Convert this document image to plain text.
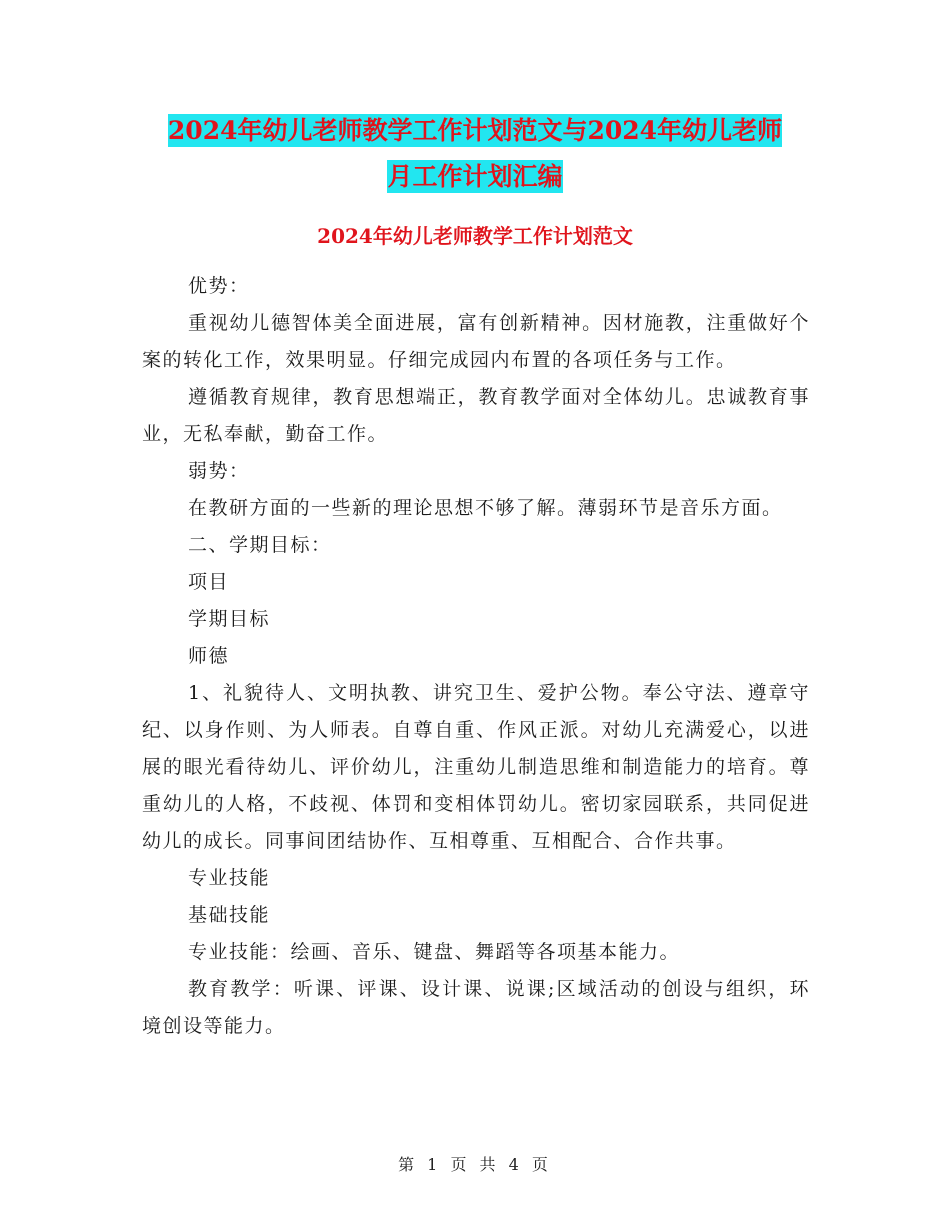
2024年幼儿老师教学工作计划范文与2024年幼儿老师
月工作计划汇编
2024年幼儿老师教学工作计划范文

优势：

重视幼儿德智体美全面进展，富有创新精神。因材施教，注重做好个案的转化工作，效果明显。仔细完成园内布置的各项任务与工作。

遵循教育规律，教育思想端正，教育教学面对全体幼儿。忠诚教育事业，无私奉献，勤奋工作。

弱势：

在教研方面的一些新的理论思想不够了解。薄弱环节是音乐方面。

二、学期目标：

项目

学期目标

师德

1、礼貌待人、文明执教、讲究卫生、爱护公物。奉公守法、遵章守纪、以身作则、为人师表。自尊自重、作风正派。对幼儿充满爱心，以进展的眼光看待幼儿、评价幼儿，注重幼儿制造思维和制造能力的培育。尊重幼儿的人格，不歧视、体罚和变相体罚幼儿。密切家园联系，共同促进幼儿的成长。同事间团结协作、互相尊重、互相配合、合作共事。

专业技能

基础技能

专业技能：绘画、音乐、键盘、舞蹈等各项基本能力。

教育教学：听课、评课、设计课、说课;区域活动的创设与组织，环境创设等能力。

第 1 页 共 4 页
